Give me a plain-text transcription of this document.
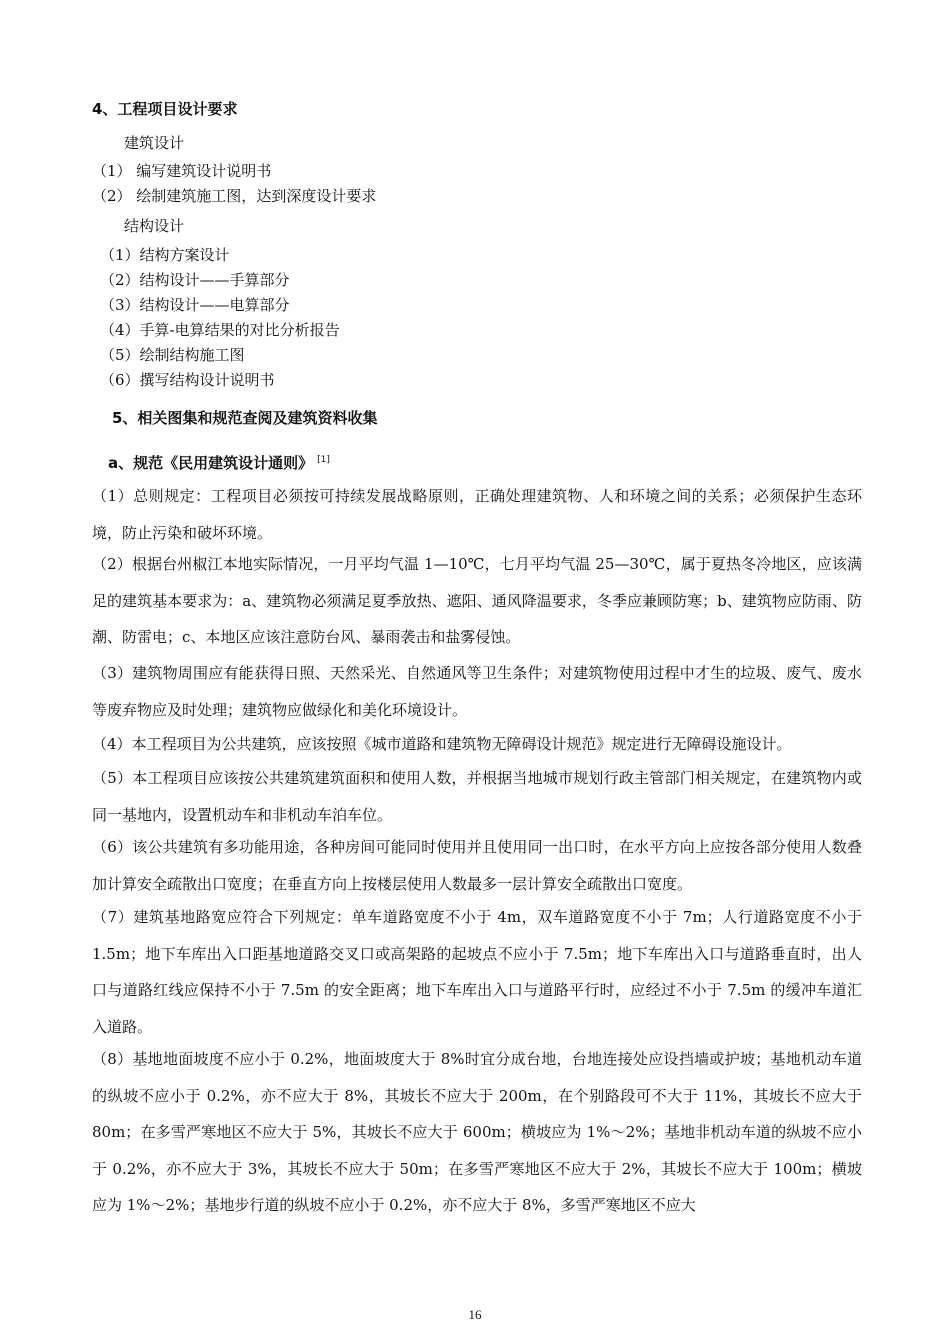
4、工程项目设计要求
建筑设计
（1） 编写建筑设计说明书
（2） 绘制建筑施工图，达到深度设计要求
结构设计
（1）结构方案设计
（2）结构设计——手算部分
（3）结构设计——电算部分
（4）手算-电算结果的对比分析报告
（5）绘制结构施工图
（6）撰写结构设计说明书
5、相关图集和规范查阅及建筑资料收集
a、规范《民用建筑设计通则》 [1]
（1）总则规定：工程项目必须按可持续发展战略原则，正确处理建筑物、人和环境之间的关系；必须保护生态环境，防止污染和破坏环境。
（2）根据台州椒江本地实际情况，一月平均气温 1—10℃，七月平均气温 25—30℃，属于夏热冬冷地区，应该满足的建筑基本要求为：a、建筑物必须满足夏季放热、遮阳、通风降温要求，冬季应兼顾防寒；b、建筑物应防雨、防潮、防雷电；c、本地区应该注意防台风、暴雨袭击和盐雾侵蚀。
（3）建筑物周围应有能获得日照、天然采光、自然通风等卫生条件；对建筑物使用过程中才生的垃圾、废气、废水等废弃物应及时处理；建筑物应做绿化和美化环境设计。
（4）本工程项目为公共建筑，应该按照《城市道路和建筑物无障碍设计规范》规定进行无障碍设施设计。
（5）本工程项目应该按公共建筑建筑面积和使用人数，并根据当地城市规划行政主管部门相关规定，在建筑物内或同一基地内，设置机动车和非机动车泊车位。
（6）该公共建筑有多功能用途，各种房间可能同时使用并且使用同一出口时，在水平方向上应按各部分使用人数叠加计算安全疏散出口宽度；在垂直方向上按楼层使用人数最多一层计算安全疏散出口宽度。
（7）建筑基地路宽应符合下列规定：单车道路宽度不小于 4m，双车道路宽度不小于 7m；人行道路宽度不小于 1.5m；地下车库出入口距基地道路交叉口或高架路的起坡点不应小于 7.5m；地下车库出入口与道路垂直时，出人口与道路红线应保持不小于 7.5m 的安全距离；地下车库出入口与道路平行时，应经过不小于 7.5m 的缓冲车道汇入道路。
（8）基地地面坡度不应小于 0.2%，地面坡度大于 8%时宜分成台地，台地连接处应设挡墙或护坡；基地机动车道的纵坡不应小于 0.2%，亦不应大于 8%，其坡长不应大于 200m，在个别路段可不大于 11%，其坡长不应大于 80m；在多雪严寒地区不应大于 5%，其坡长不应大于 600m；横坡应为 1%～2%；基地非机动车道的纵坡不应小于 0.2%，亦不应大于 3%，其坡长不应大于 50m；在多雪严寒地区不应大于 2%，其坡长不应大于 100m；横坡应为 1%～2%；基地步行道的纵坡不应小于 0.2%，亦不应大于 8%，多雪严寒地区不应大
16
